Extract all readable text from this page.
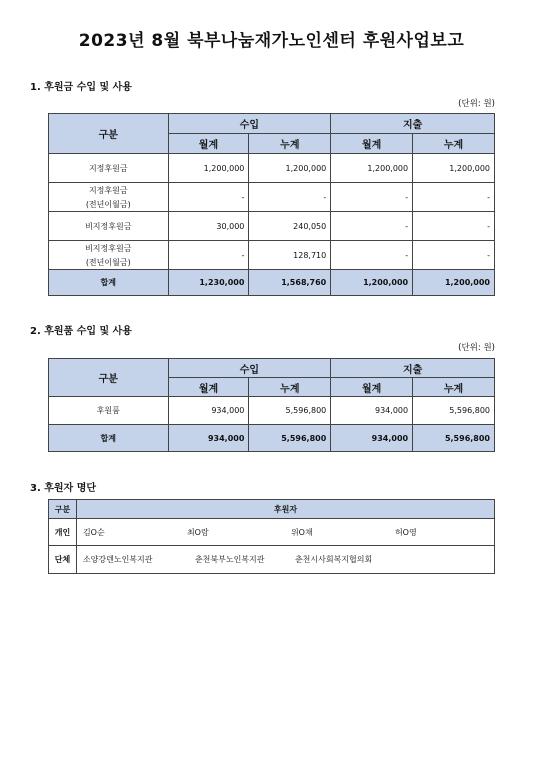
2023년 8월 북부나눔재가노인센터 후원사업보고
1. 후원금 수입 및 사용
(단위: 원)
구분	수입		지출	
	월계	누계	월계	누계
지정후원금	1,200,000	1,200,000	1,200,000	1,200,000

지정후원금
(전년이월금)	-	-	-	-
비지정후원금	30,000	240,050	-	-

비지정후원금
(전년이월금)	-	128,710	-	-
합계	1,230,000	1,568,760	1,200,000	1,200,000
2. 후원품 수입 및 사용
(단위: 원)
구분	수입		지출	
	월계	누계	월계	누계
후원품	934,000	5,596,800	934,000	5,596,800
합계	934,000	5,596,800	934,000	5,596,800
3. 후원자 명단
구분	후원자
개인	김O순 최O람 위O채 허O영
단체	소양강덴노인복지관 춘천북부노인복지관 춘천시사회복지협의회
